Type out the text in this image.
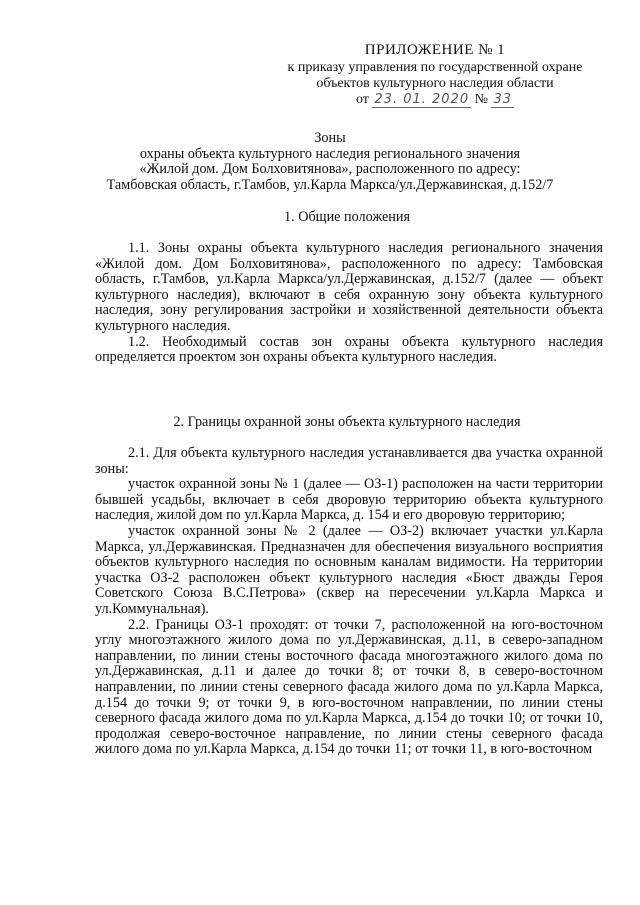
ПРИЛОЖЕНИЕ № 1
к приказу управления по государственной охране
объектов культурного наследия области
от 23. 01. 2020 № 33
Зоны
охраны объекта культурного наследия регионального значения
«Жилой дом. Дом Болховитянова», расположенного по адресу:
Тамбовская область, г.Тамбов, ул.Карла Маркса/ул.Державинская, д.152/7
1. Общие положения

1.1. Зоны охраны объекта культурного наследия регионального значения «Жилой дом. Дом Болховитянова», расположенного по адресу: Тамбовская область, г.Тамбов, ул.Карла Маркса/ул.Державинская, д.152/7 (далее — объект культурного наследия), включают в себя охранную зону объекта культурного наследия, зону регулирования застройки и хозяйственной деятельности объекта культурного наследия.

1.2. Необходимый состав зон охраны объекта культурного наследия определяется проектом зон охраны объекта культурного наследия.

2. Границы охранной зоны объекта культурного наследия

2.1. Для объекта культурного наследия устанавливается два участка охранной зоны:

участок охранной зоны № 1 (далее — ОЗ-1) расположен на части территории бывшей усадьбы, включает в себя дворовую территорию объекта культурного наследия, жилой дом по ул.Карла Маркса, д. 154 и его дворовую территорию;

участок охранной зоны № 2 (далее — ОЗ-2) включает участки ул.Карла Маркса, ул.Державинская. Предназначен для обеспечения визуального восприятия объектов культурного наследия по основным каналам видимости. На территории участка ОЗ-2 расположен объект культурного наследия «Бюст дважды Героя Советского Союза В.С.Петрова» (сквер на пересечении ул.Карла Маркса и ул.Коммунальная).

2.2. Границы ОЗ-1 проходят: от точки 7, расположенной на юго-восточном углу многоэтажного жилого дома по ул.Державинская, д.11, в северо-западном направлении, по линии стены восточного фасада многоэтажного жилого дома по ул.Державинская, д.11 и далее до точки 8; от точки 8, в северо-восточном направлении, по линии стены северного фасада жилого дома по ул.Карла Маркса, д.154 до точки 9; от точки 9, в юго-восточном направлении, по линии стены северного фасада жилого дома по ул.Карла Маркса, д.154 до точки 10; от точки 10, продолжая северо-восточное направление, по линии стены северного фасада жилого дома по ул.Карла Маркса, д.154 до точки 11; от точки 11, в юго-восточном
